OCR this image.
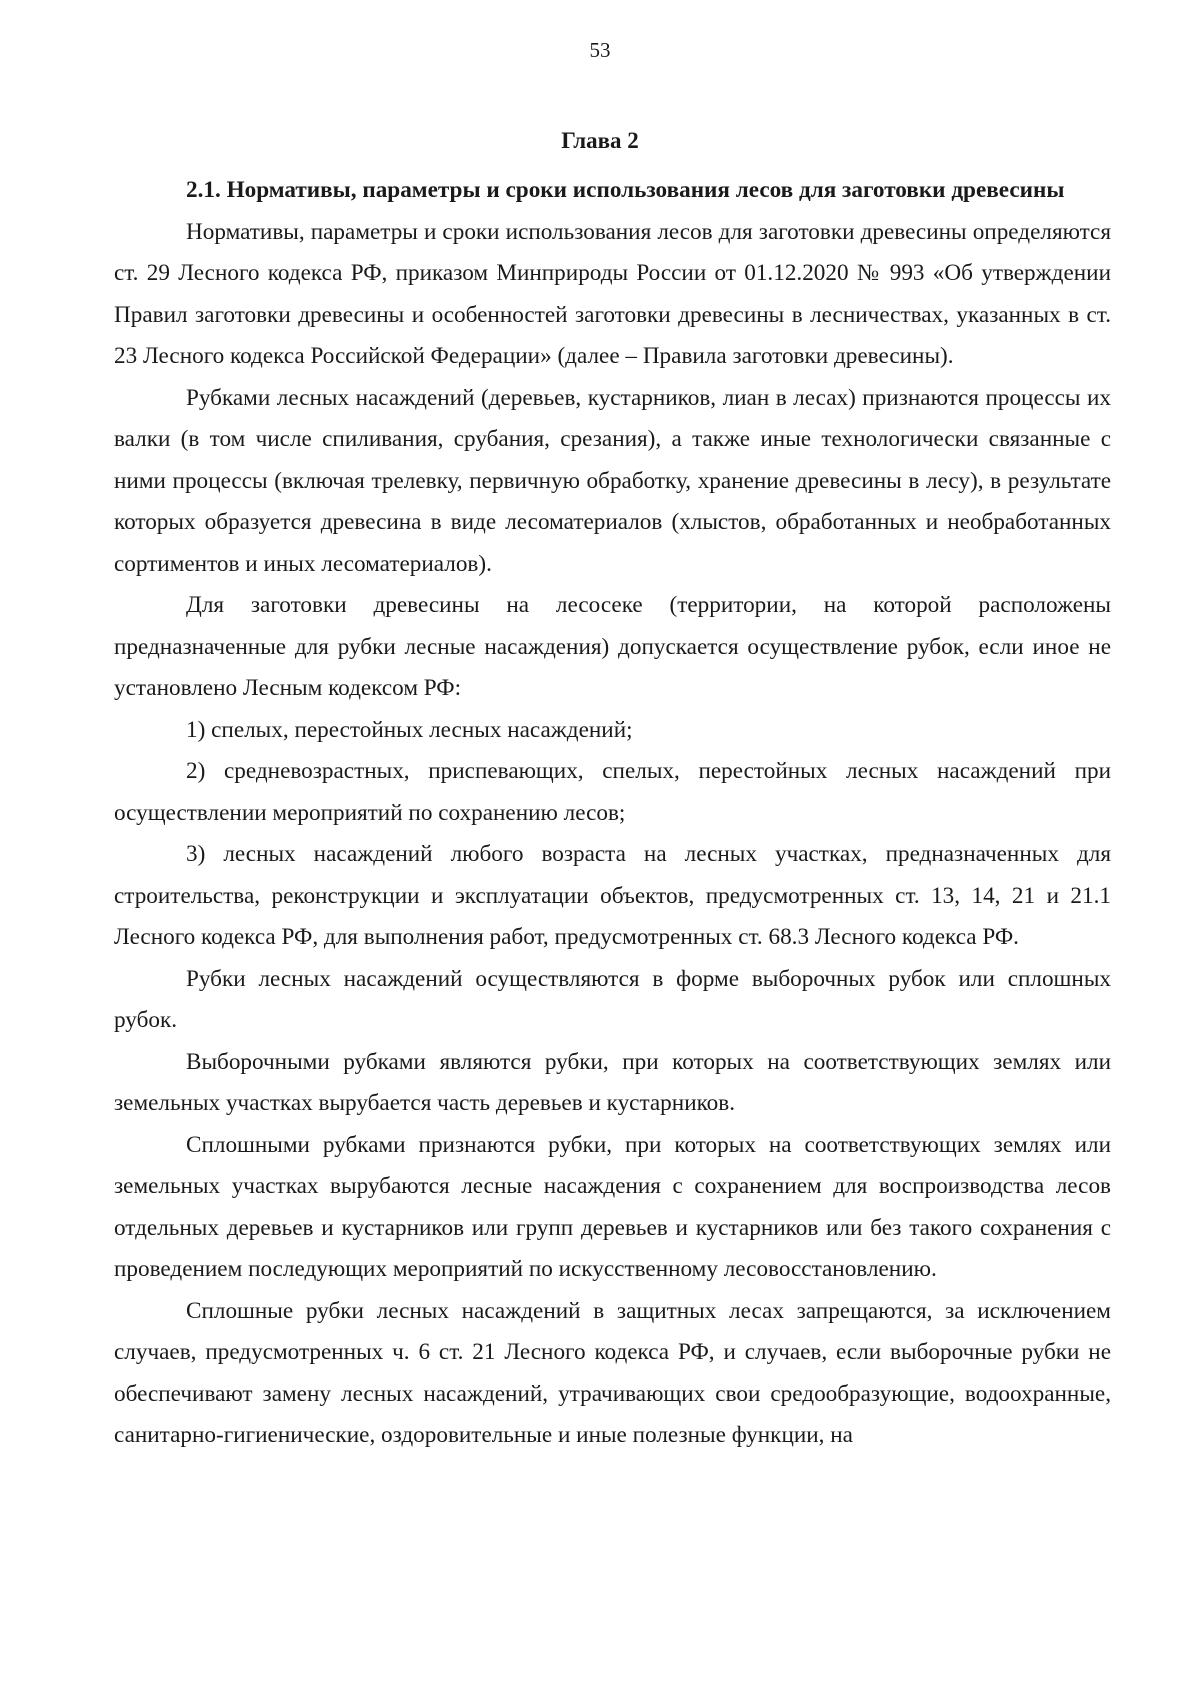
53
Глава 2

2.1. Нормативы, параметры и сроки использования лесов для заготовки древесины

Нормативы, параметры и сроки использования лесов для заготовки древесины определяются ст. 29 Лесного кодекса РФ, приказом Минприроды России от 01.12.2020 № 993 «Об утверждении Правил заготовки древесины и особенностей заготовки древесины в лесничествах, указанных в ст. 23 Лесного кодекса Российской Федерации» (далее – Правила заготовки древесины).

Рубками лесных насаждений (деревьев, кустарников, лиан в лесах) признаются процессы их валки (в том числе спиливания, срубания, срезания), а также иные технологически связанные с ними процессы (включая трелевку, первичную обработку, хранение древесины в лесу), в результате которых образуется древесина в виде лесоматериалов (хлыстов, обработанных и необработанных сортиментов и иных лесоматериалов).

Для заготовки древесины на лесосеке (территории, на которой расположены предназначенные для рубки лесные насаждения) допускается осуществление рубок, если иное не установлено Лесным кодексом РФ:

1) спелых, перестойных лесных насаждений;

2) средневозрастных, приспевающих, спелых, перестойных лесных насаждений при осуществлении мероприятий по сохранению лесов;

3) лесных насаждений любого возраста на лесных участках, предназначенных для строительства, реконструкции и эксплуатации объектов, предусмотренных ст. 13, 14, 21 и 21.1 Лесного кодекса РФ, для выполнения работ, предусмотренных ст. 68.3 Лесного кодекса РФ.

Рубки лесных насаждений осуществляются в форме выборочных рубок или сплошных рубок.

Выборочными рубками являются рубки, при которых на соответствующих землях или земельных участках вырубается часть деревьев и кустарников.

Сплошными рубками признаются рубки, при которых на соответствующих землях или земельных участках вырубаются лесные насаждения с сохранением для воспроизводства лесов отдельных деревьев и кустарников или групп деревьев и кустарников или без такого сохранения с проведением последующих мероприятий по искусственному лесовосстановлению.

Сплошные рубки лесных насаждений в защитных лесах запрещаются, за исключением случаев, предусмотренных ч. 6 ст. 21 Лесного кодекса РФ, и случаев, если выборочные рубки не обеспечивают замену лесных насаждений, утрачивающих свои средообразующие, водоохранные, санитарно-гигиенические, оздоровительные и иные полезные функции, на
